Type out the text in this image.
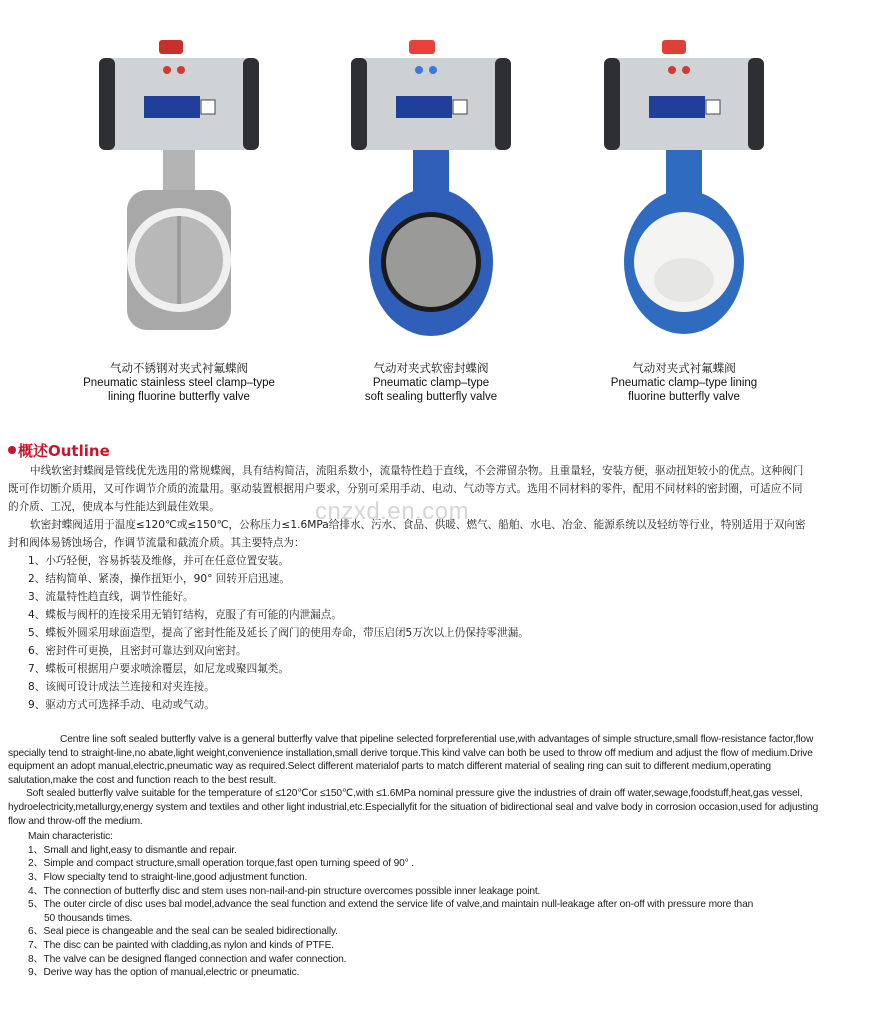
气动不锈钢对夹式衬氟蝶阀
Pneumatic stainless steel clamp–type
lining fluorine butterfly valve
气动对夹式软密封蝶阀
Pneumatic clamp–type
soft sealing butterfly valve
气动对夹式衬氟蝶阀
Pneumatic clamp–type lining
fluorine butterfly valve
概述Outline
cnzxd.en.com

中线软密封蝶阀是管线优先选用的常规蝶阀，具有结构简洁，流阻系数小，流量特性趋于直线，不会滞留杂物。且重量轻，安装方便，驱动扭矩较小的优点。这种阀门

既可作切断介质用，又可作调节介质的流量用。驱动装置根据用户要求，分别可采用手动、电动、气动等方式。选用不同材料的零件，配用不同材料的密封圈，可适应不同

的介质、工况，使成本与性能达到最佳效果。

软密封蝶阀适用于温度≤120℃或≤150℃，公称压力≤1.6MPa给排水、污水、食品、供暖、燃气、船舶、水电、冶金、能源系统以及轻纺等行业，特别适用于双向密

封和阀体易锈蚀场合，作调节流量和截流介质。其主要特点为：

1、小巧轻便，容易拆装及维修，并可在任意位置安装。

2、结构简单、紧凑，操作扭矩小，90° 回转开启迅速。

3、流量特性趋直线，调节性能好。

4、蝶板与阀杆的连接采用无销钉结构，克服了有可能的内泄漏点。

5、蝶板外圆采用球面造型，提高了密封性能及延长了阀门的使用寿命，带压启闭5万次以上仍保持零泄漏。

6、密封件可更换，且密封可靠达到双向密封。

7、蝶板可根据用户要求喷涂覆层，如尼龙或聚四氟类。

8、该阀可设计成法兰连接和对夹连接。

9、驱动方式可选择手动、电动或气动。

Centre line soft sealed butterfly valve is a general butterfly valve that pipeline selected forpreferential use,with advantages of simple structure,small flow-resistance factor,flow

specially tend to straight-line,no abate,light weight,convenience installation,small derive torque.This kind valve can both be used to throw off medium and adjust the flow of medium.Drive

equipment an adopt manual,electric,pneumatic way as required.Select different materialof parts to match different material of sealing ring can suit to different medium,operating

salutation,make the cost and function reach to the best result.

Soft sealed butterfly valve suitable for the temperature of ≤120℃or ≤150℃,with ≤1.6MPa nominal pressure give the industries of drain off water,sewage,foodstuff,heat,gas vessel,

hydroelectricity,metallurgy,energy system and textiles and other light industrial,etc.Especiallyfit for the situation of bidirectional seal and valve body in corrosion occasion,used for adjusting

flow and throw-off the medium.

Main characteristic:

1、Small and light,easy to dismantle and repair.

2、Simple and compact structure,small operation torque,fast open turning speed of 90° .

3、Flow specialty tend to straight-line,good adjustment function.

4、The connection of butterfly disc and stem uses non-nail-and-pin structure overcomes possible inner leakage point.

5、The outer circle of disc uses bal model,advance the seal function and extend the service life of valve,and maintain null-leakage after on-off with pressure more than

50 thousands times.

6、Seal piece is changeable and the seal can be sealed bidirectionally.

7、The disc can be painted with cladding,as nylon and kinds of PTFE.

8、The valve can be designed flanged connection and wafer connection.

9、Derive way has the option of manual,electric or pneumatic.
